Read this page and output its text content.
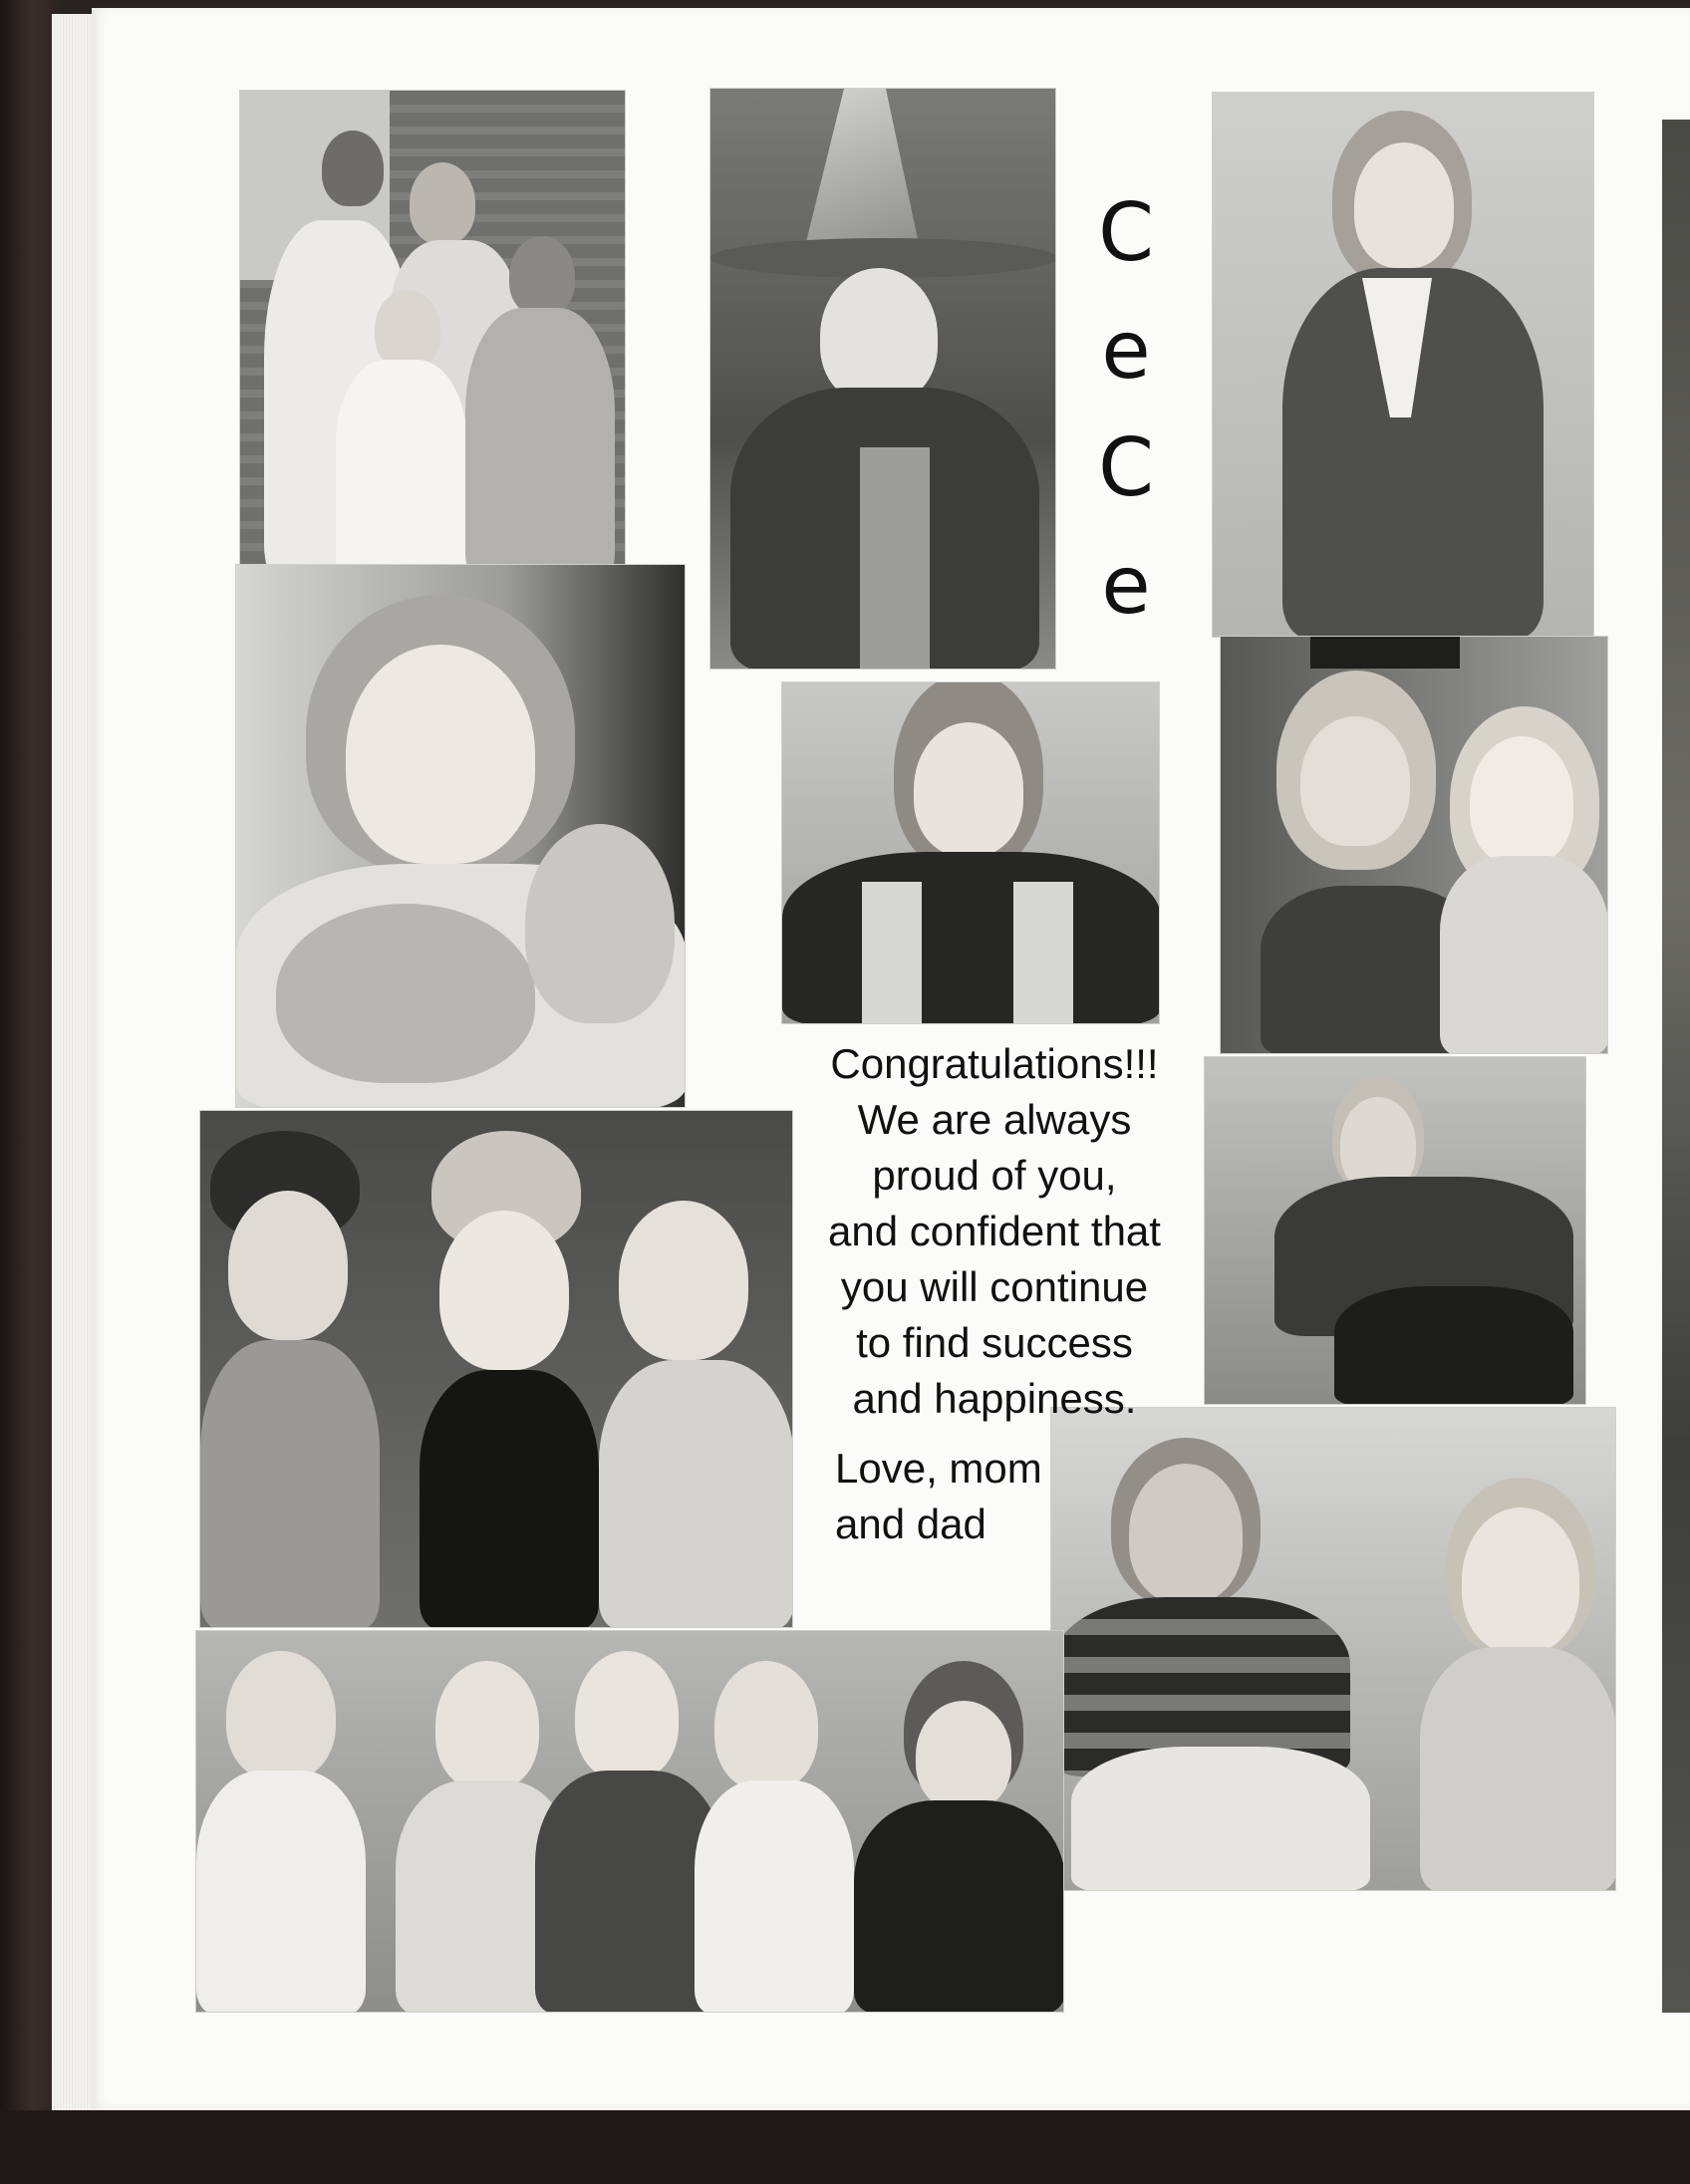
C
e
C
e
Congratulations!!!
We are always
proud of you,
and confident that
you will continue
to find success
and happiness.
Love, mom
and dad
